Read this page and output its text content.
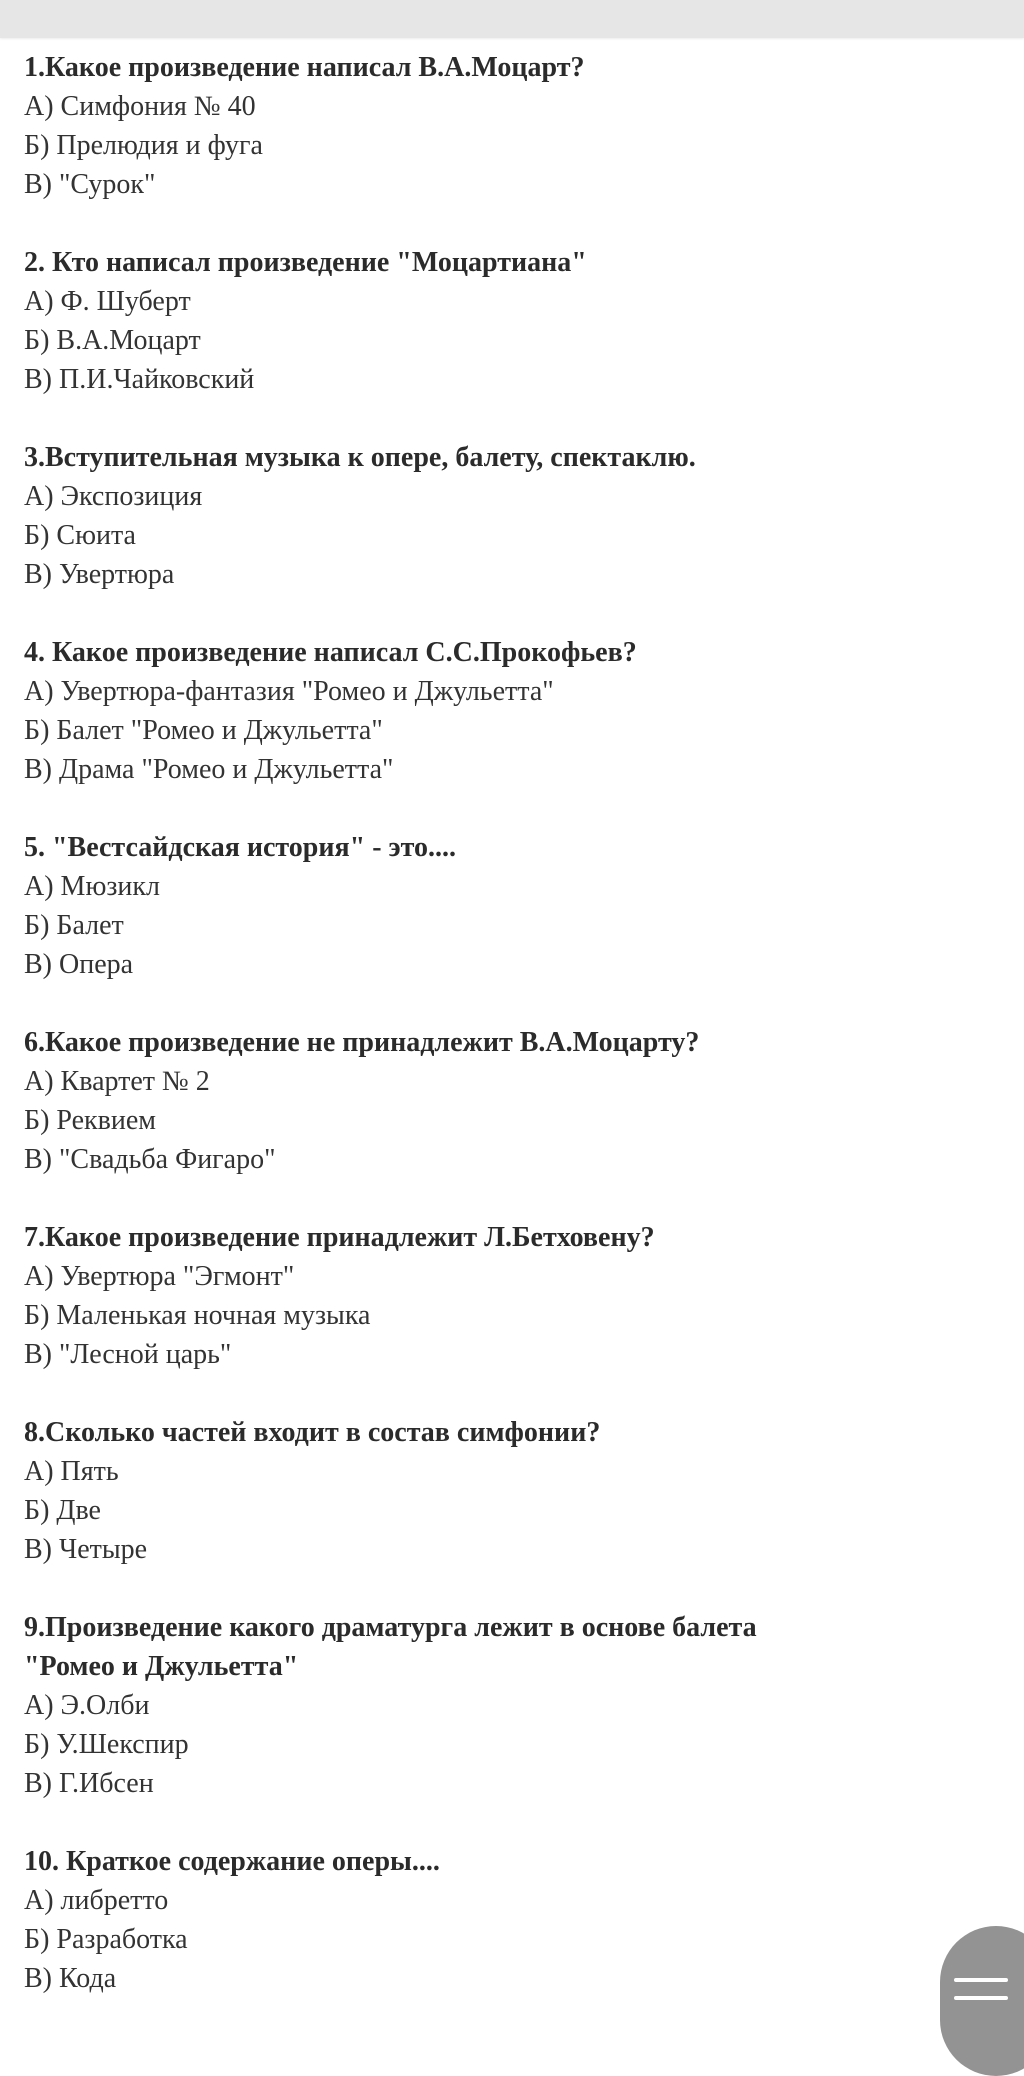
1.Какое произведение написал В.А.Моцарт?
А) Симфония № 40
Б) Прелюдия и фуга
В) "Сурок"
2. Кто написал произведение "Моцартиана"
А) Ф. Шуберт
Б) В.А.Моцарт
В) П.И.Чайковский
3.Вступительная музыка к опере, балету, спектаклю.
А) Экспозиция
Б) Сюита
В) Увертюра
4. Какое произведение написал С.С.Прокофьев?
А) Увертюра-фантазия "Ромео и Джульетта"
Б) Балет "Ромео и Джульетта"
В) Драма "Ромео и Джульетта"
5. "Вестсайдская история" - это....
А) Мюзикл
Б) Балет
В) Опера
6.Какое произведение не принадлежит В.А.Моцарту?
А) Квартет № 2
Б) Реквием
В) "Свадьба Фигаро"
7.Какое произведение принадлежит Л.Бетховену?
А) Увертюра "Эгмонт"
Б) Маленькая ночная музыка
В) "Лесной царь"
8.Сколько частей входит в состав симфонии?
А) Пять
Б) Две
В) Четыре
9.Произведение какого драматурга лежит в основе балета
"Ромео и Джульетта"
А) Э.Олби
Б) У.Шекспир
В) Г.Ибсен
10. Краткое содержание оперы....
А) либретто
Б) Разработка
В) Кода
